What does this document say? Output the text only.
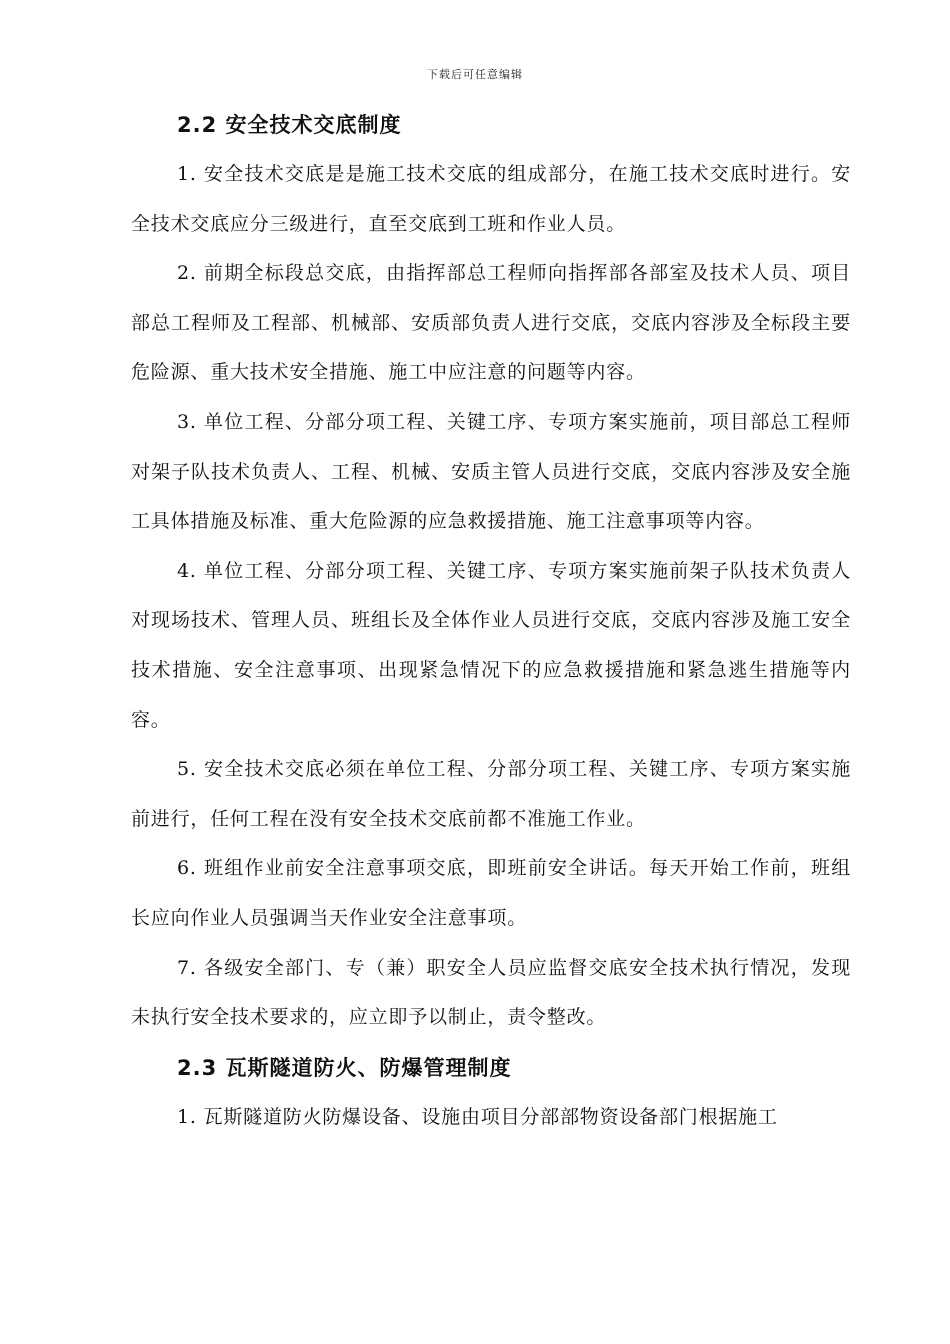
下载后可任意编辑
2.2 安全技术交底制度

1. 安全技术交底是是施工技术交底的组成部分，在施工技术交底时进行。安全技术交底应分三级进行，直至交底到工班和作业人员。

2. 前期全标段总交底，由指挥部总工程师向指挥部各部室及技术人员、项目部总工程师及工程部、机械部、安质部负责人进行交底，交底内容涉及全标段主要危险源、重大技术安全措施、施工中应注意的问题等内容。

3. 单位工程、分部分项工程、关键工序、专项方案实施前，项目部总工程师对架子队技术负责人、工程、机械、安质主管人员进行交底，交底内容涉及安全施工具体措施及标准、重大危险源的应急救援措施、施工注意事项等内容。

4. 单位工程、分部分项工程、关键工序、专项方案实施前架子队技术负责人对现场技术、管理人员、班组长及全体作业人员进行交底，交底内容涉及施工安全技术措施、安全注意事项、出现紧急情况下的应急救援措施和紧急逃生措施等内容。

5. 安全技术交底必须在单位工程、分部分项工程、关键工序、专项方案实施前进行，任何工程在没有安全技术交底前都不准施工作业。

6. 班组作业前安全注意事项交底，即班前安全讲话。每天开始工作前，班组长应向作业人员强调当天作业安全注意事项。

7. 各级安全部门、专（兼）职安全人员应监督交底安全技术执行情况，发现未执行安全技术要求的，应立即予以制止，责令整改。

2.3 瓦斯隧道防火、防爆管理制度

1. 瓦斯隧道防火防爆设备、设施由项目分部部物资设备部门根据施工
